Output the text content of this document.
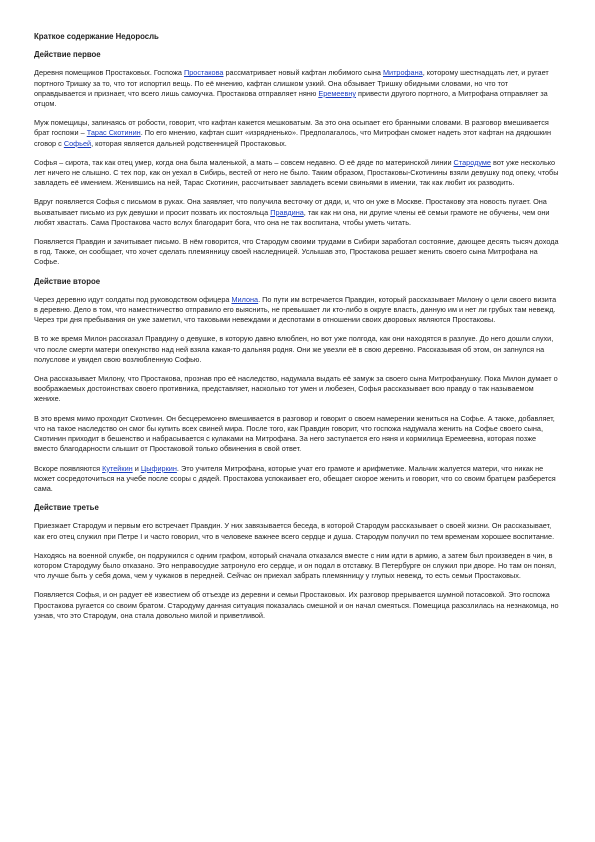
Краткое содержание Недоросль
Действие первое

Деревня помещиков Простаковых. Госпожа Простакова рассматривает новый кафтан любимого сына Митрофана, которому шестнадцать лет, и ругает портного Тришку за то, что тот испортил вещь. По её мнению, кафтан слишком узкий. Она обзывает Тришку обидными словами, но что тот оправдывается и признает, что всего лишь самоучка. Простакова отправляет няню Еремеевну привести другого портного, а Митрофана отправляет за отцом.

Муж помещицы, запинаясь от робости, говорит, что кафтан кажется мешковатым. За это она осыпает его бранными словами. В разговор вмешивается брат госпожи – Тарас Скотинин. По его мнению, кафтан сшит «изрядненько». Предполагалось, что Митрофан сможет надеть этот кафтан на дядюшкин сговор с Софьей, которая является дальней родственницей Простаковых.

Софья – сирота, так как отец умер, когда она была маленькой, а мать – совсем недавно. О её дяде по материнской линии Стародуме вот уже несколько лет ничего не слышно. С тех пор, как он уехал в Сибирь, вестей от него не было. Таким образом, Простаковы-Скотинины взяли девушку под опеку, чтобы завладеть её имением. Женившись на ней, Тарас Скотинин, рассчитывает завладеть всеми свиньями в имении, так как любит их разводить.

Вдруг появляется Софья с письмом в руках. Она заявляет, что получила весточку от дяди, и, что он уже в Москве. Простакову эта новость пугает. Она выхватывает письмо из рук девушки и просит позвать их постояльца Правдина, так как ни она, ни другие члены её семьи грамоте не обучены, чем они любят хвастать. Сама Простакова часто вслух благодарит бога, что она не так воспитана, чтобы уметь читать.

Появляется Правдин и зачитывает письмо. В нём говорится, что Стародум своими трудами в Сибири заработал состояние, дающее десять тысяч дохода в год. Также, он сообщает, что хочет сделать племянницу своей наследницей. Услышав это, Простакова решает женить своего сына Митрофана на Софье.

Действие второе

Через деревню идут солдаты под руководством офицера Милона. По пути им встречается Правдин, который рассказывает Милону о цели своего визита в деревню. Дело в том, что наместничество отправило его выяснить, не превышает ли кто-либо в округе власть, данную им и нет ли грубых там невежд. Через три дня пребывания он уже заметил, что таковыми невеждами и деспотами в отношении своих дворовых являются Простаковы.

В то же время Милон рассказал Правдину о девушке, в которую давно влюблен, но вот уже полгода, как они находятся в разлуке. До него дошли слухи, что после смерти матери опекунство над ней взяла какая-то дальняя родня. Они же увезли её в свою деревню. Рассказывая об этом, он запнулся на полуслове и увидел свою возлюбленную Софью.

Она рассказывает Милону, что Простакова, прознав про её наследство, надумала выдать её замуж за своего сына Митрофанушку. Пока Милон думает о воображаемых достоинствах своего противника, представляет, насколько тот умен и любезен, Софья рассказывает всю правду о так называемом женихе.

В это время мимо проходит Скотинин. Он бесцеремонно вмешивается в разговор и говорит о своем намерении жениться на Софье. А также, добавляет, что на такое наследство он смог бы купить всех свиней мира. После того, как Правдин говорит, что госпожа надумала женить на Софье своего сына, Скотинин приходит в бешенство и набрасывается с кулаками на Митрофана. За него заступается его няня и кормилица Еремеевна, которая позже вместо благодарности слышит от Простаковой только обвинения в свой ответ.

Вскоре появляются Кутейкин и Цыфиркин. Это учителя Митрофана, которые учат его грамоте и арифметике. Мальчик жалуется матери, что никак не может сосредоточиться на учебе после ссоры с дядей. Простакова успокаивает его, обещает скорое женить и говорит, что со своим братцем разберется сама.

Действие третье

Приезжает Стародум и первым его встречает Правдин. У них завязывается беседа, в которой Стародум рассказывает о своей жизни. Он рассказывает, как его отец служил при Петре I и часто говорил, что в человеке важнее всего сердце и душа. Стародум получил по тем временам хорошее воспитание.

Находясь на военной службе, он подружился с одним графом, который сначала отказался вместе с ним идти в армию, а затем был произведен в чин, в котором Стародуму было отказано. Это неправосудие затронуло его сердце, и он подал в отставку. В Петербурге он служил при дворе. Но там он понял, что лучше быть у себя дома, чем у чужаков в передней. Сейчас он приехал забрать племянницу у глупых невежд, то есть семьи Простаковых.

Появляется Софья, и он радует её известием об отъезде из деревни и семьи Простаковых. Их разговор прерывается шумной потасовкой. Это госпожа Простакова ругается со своим братом. Стародуму данная ситуация показалась смешной и он начал смеяться. Помещица разозлилась на незнакомца, но узнав, что это Стародум, она стала довольно милой и приветливой.
